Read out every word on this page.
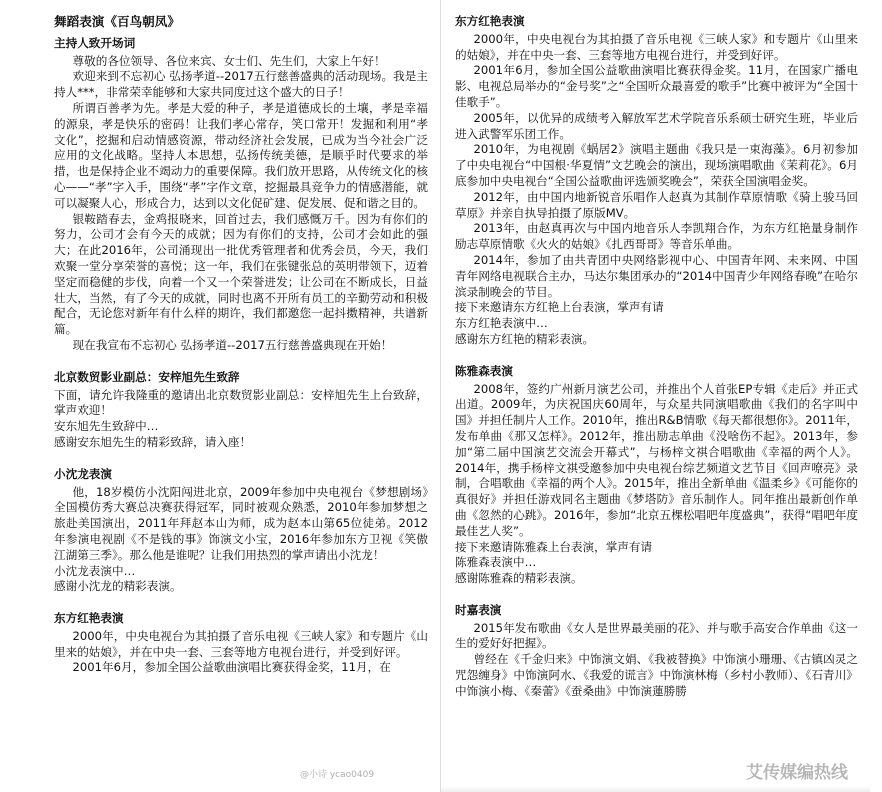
舞蹈表演《百鸟朝凤》
主持人致开场词

尊敬的各位领导、各位来宾、女士们、先生们，大家上午好！

欢迎来到不忘初心 弘扬孝道--2017五行慈善盛典的活动现场。我是主持人***，非常荣幸能够和大家共同度过这个盛大的日子！

所谓百善孝为先。孝是大爱的种子，孝是道德成长的土壤，孝是幸福的源泉，孝是快乐的密码！让我们孝心常存，笑口常开！发掘和利用“孝文化”，挖掘和启动情感资源，带动经济社会发展，已成为当今社会广泛应用的文化战略。坚持人本思想，弘扬传统美德，是顺乎时代要求的举措，也是保持企业不竭动力的重要保障。我们放开思路，从传统文化的核心——“孝”字入手，围绕“孝”字作文章，挖掘最具竞争力的情感潜能，就可以凝聚人心，形成合力，达到以文化促矿建、促发展、促和谐之目的。

银鞍踏春去，金鸡报晓来，回首过去，我们感慨万千。因为有你们的努力，公司才会有今天的成就；因为有你们的支持，公司才会如此的强大；在此2016年，公司涌现出一批优秀管理者和优秀会员，今天，我们欢聚一堂分享荣誉的喜悦；这一年，我们在张键张总的英明带领下，迈着坚定而稳健的步伐，向着一个又一个荣誉进发；让公司在不断成长，日益壮大，当然，有了今天的成就，同时也离不开所有员工的辛勤劳动和积极配合，无论您对新年有什么样的期许，我们都邀您一起抖擞精神，共谱新篇。

现在我宣布不忘初心 弘扬孝道--2017五行慈善盛典现在开始！

北京数贸影业副总：安梓旭先生致辞

下面，请允许我隆重的邀请出北京数贸影业副总：安梓旭先生上台致辞，掌声欢迎！

安东旭先生致辞中…

感谢安东旭先生的精彩致辞，请入座！

小沈龙表演

他，18岁模仿小沈阳闯进北京，2009年参加中央电视台《梦想剧场》全国模仿秀大赛总决赛获得冠军，同时被观众熟悉，2010年参加梦想之旅赴美国演出，2011年拜赵本山为师，成为赵本山第65位徒弟。2012年参演电视剧《不是钱的事》饰演文小宝，2016年参加东方卫视《笑傲江湖第三季》。那么他是谁呢？让我们用热烈的掌声请出小沈龙！

小沈龙表演中…

感谢小沈龙的精彩表演。

东方红艳表演

2000年，中央电视台为其拍摄了音乐电视《三峡人家》和专题片《山里来的姑娘》，并在中央一套、三套等地方电视台进行，并受到好评。

2001年6月，参加全国公益歌曲演唱比赛获得金奖，11月，在

@小诗 ycao0409
东方红艳表演

2000年，中央电视台为其拍摄了音乐电视《三峡人家》和专题片《山里来的姑娘》，并在中央一套、三套等地方电视台进行，并受到好评。

2001年6月，参加全国公益歌曲演唱比赛获得金奖。11月，在国家广播电影、电视总局举办的“金号奖”之“全国听众最喜爱的歌手”比赛中被评为“全国十佳歌手”。

2005年，以优异的成绩考入解放军艺术学院音乐系硕士研究生班，毕业后进入武警军乐团工作。

2010年，为电视剧《蜗居2》演唱主题曲《我只是一束海藻》。6月初参加了中央电视台“中国根·华夏情”文艺晚会的演出，现场演唱歌曲《茉莉花》。6月底参加中央电视台“全国公益歌曲评选颁奖晚会”，荣获全国演唱金奖。

2012年，由中国内地新锐音乐唱作人赵真为其制作草原情歌《骑上骏马回草原》并亲自执导拍摄了原版MV。

2013年，由赵真再次与中国内地音乐人李凯翔合作，为东方红艳量身制作励志草原情歌《火火的姑娘》《扎西哥哥》等音乐单曲。

2014年，参加了由共青团中央网络影视中心、中国青年网、未来网、中国青年网络电视联合主办，马达尔集团承办的“2014中国青少年网络春晚”在哈尔滨录制晚会的节目。

接下来邀请东方红艳上台表演，掌声有请

东方红艳表演中…

感谢东方红艳的精彩表演。

陈雅森表演

2008年，签约广州新月演艺公司，并推出个人首张EP专辑《走后》并正式出道。2009年，为庆祝国庆60周年，与众星共同演唱歌曲《我们的名字叫中国》并担任制片人工作。2010年，推出R&B情歌《每天都很想你》。2011年，发布单曲《那又怎样》。2012年，推出励志单曲《没啥伤不起》。2013年，参加“第二届中国演艺交流会开幕式”，与杨梓文祺合唱歌曲《幸福的两个人》。2014年，携手杨梓文祺受邀参加中央电视台综艺频道文艺节目《回声嘹亮》录制，合唱歌曲《幸福的两个人》。2015年，推出全新单曲《温柔乡》《可能你的真很好》并担任游戏同名主题曲《梦塔防》音乐制作人。同年推出最新创作单曲《忽然的心跳》。2016年，参加“北京五棵松唱吧年度盛典”，获得“唱吧年度最佳艺人奖”。

接下来邀请陈雅森上台表演，掌声有请

陈雅森表演中…

感谢陈雅森的精彩表演。

时嘉表演

2015年发布歌曲《女人是世界最美丽的花》、并与歌手高安合作单曲《这一生的爱好好把握》。

曾经在《千金归来》中饰演文娟、《我被替换》中饰演小珊珊、《古镇凶灵之咒怨缠身》中饰演阿水、《我爱的谎言》中饰演林梅（乡村小教师）、《石青川》中饰演小梅、《秦蕾》《蚕桑曲》中饰演蓮勝勝

艾传媒编热线
